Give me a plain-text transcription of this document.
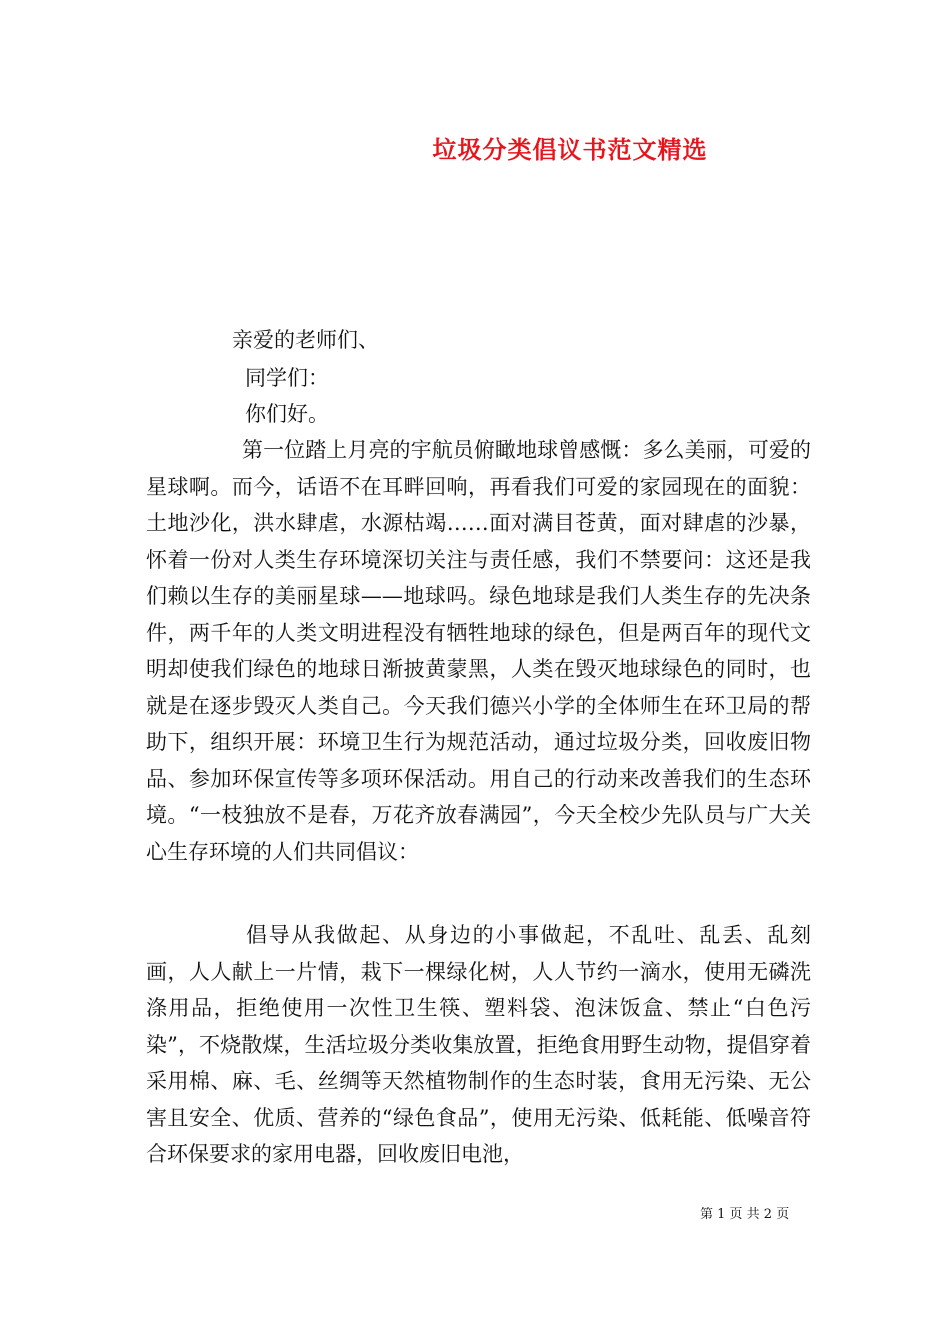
垃圾分类倡议书范文精选
亲爱的老师们、
同学们：
你们好。

第一位踏上月亮的宇航员俯瞰地球曾感慨：多么美丽，可爱的星球啊。而今，话语不在耳畔回响，再看我们可爱的家园现在的面貌：土地沙化，洪水肆虐，水源枯竭……面对满目苍黄，面对肆虐的沙暴，怀着一份对人类生存环境深切关注与责任感，我们不禁要问：这还是我们赖以生存的美丽星球——地球吗。绿色地球是我们人类生存的先决条件，两千年的人类文明进程没有牺牲地球的绿色，但是两百年的现代文明却使我们绿色的地球日渐披黄蒙黑，人类在毁灭地球绿色的同时，也就是在逐步毁灭人类自己。今天我们德兴小学的全体师生在环卫局的帮助下，组织开展：环境卫生行为规范活动，通过垃圾分类，回收废旧物品、参加环保宣传等多项环保活动。用自己的行动来改善我们的生态环境。“一枝独放不是春，万花齐放春满园”，今天全校少先队员与广大关心生存环境的人们共同倡议：

倡导从我做起、从身边的小事做起，不乱吐、乱丢、乱刻画，人人献上一片情，栽下一棵绿化树，人人节约一滴水，使用无磷洗涤用品，拒绝使用一次性卫生筷、塑料袋、泡沫饭盒、禁止“白色污染”，不烧散煤，生活垃圾分类收集放置，拒绝食用野生动物，提倡穿着采用棉、麻、毛、丝绸等天然植物制作的生态时装，食用无污染、无公害且安全、优质、营养的“绿色食品”，使用无污染、低耗能、低噪音符合环保要求的家用电器，回收废旧电池，

第 1 页 共 2 页
